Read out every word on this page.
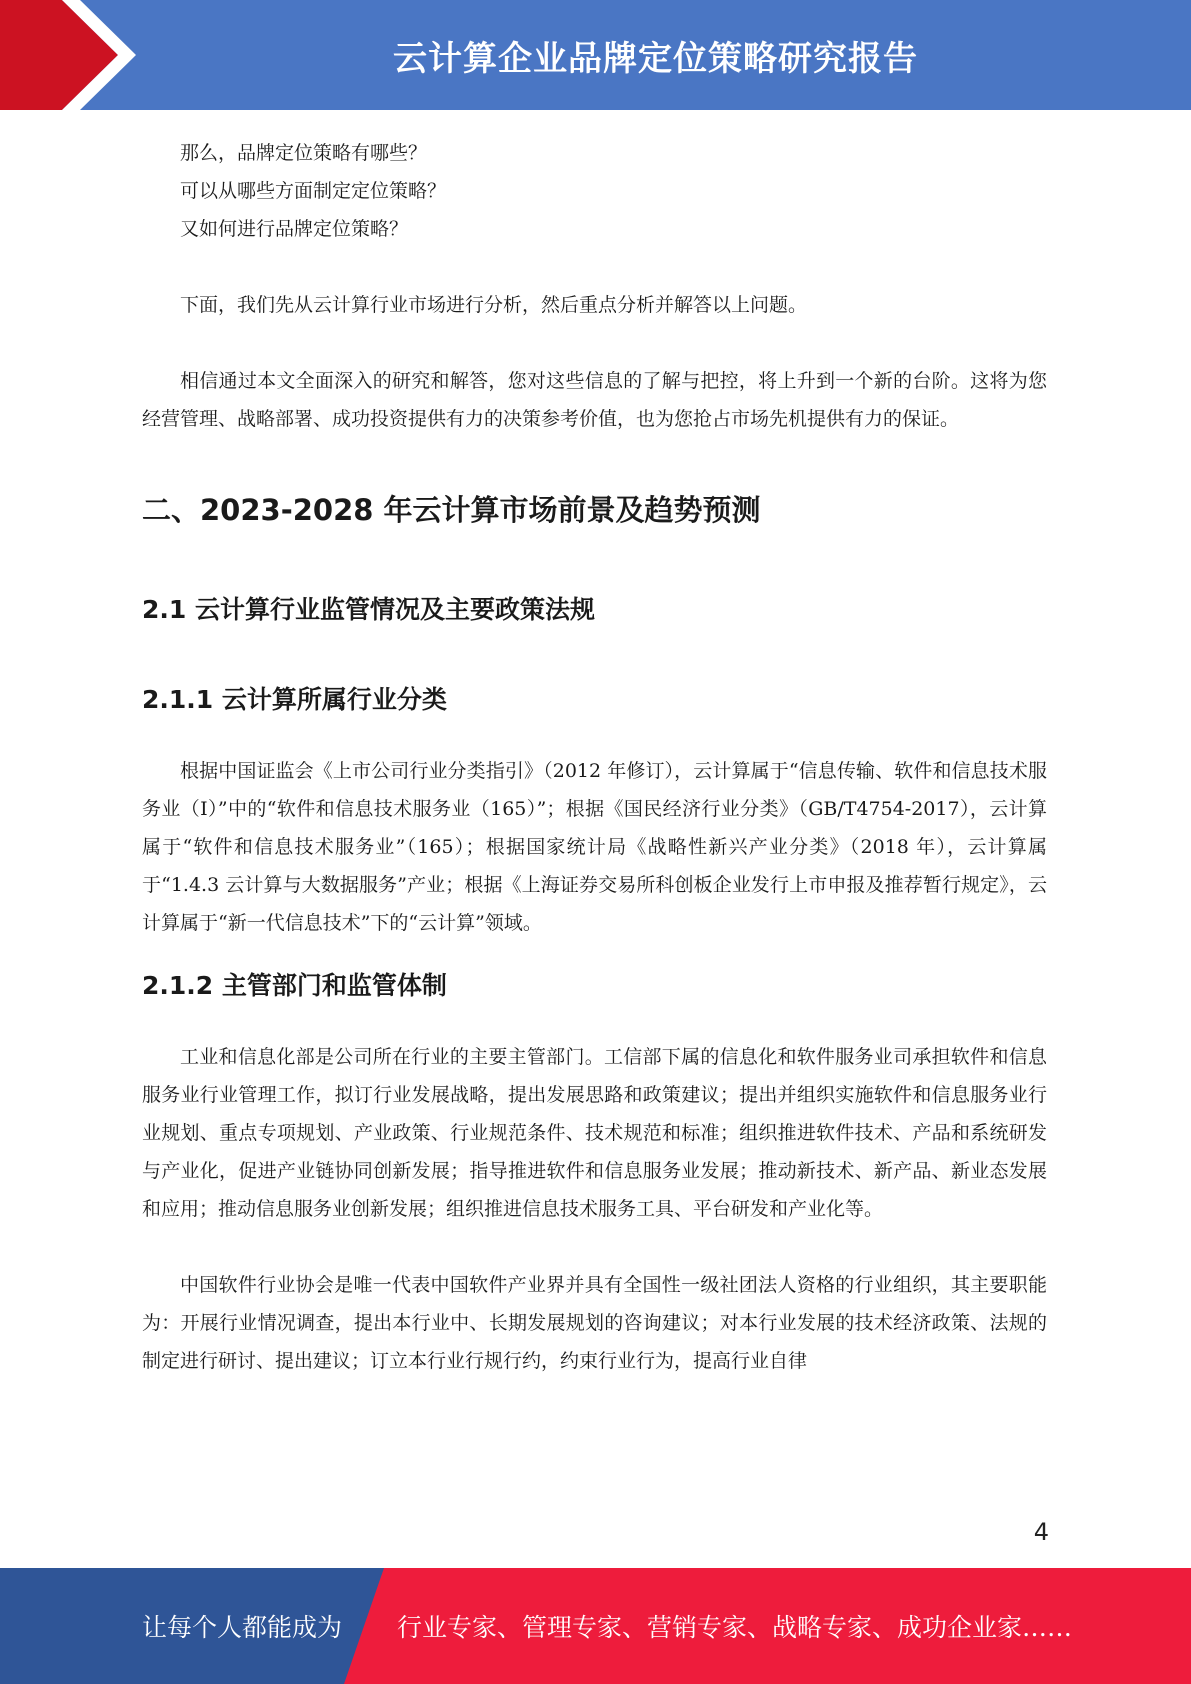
云计算企业品牌定位策略研究报告

那么，品牌定位策略有哪些？

可以从哪些方面制定定位策略？

又如何进行品牌定位策略？

下面，我们先从云计算行业市场进行分析，然后重点分析并解答以上问题。

相信通过本文全面深入的研究和解答，您对这些信息的了解与把控，将上升到一个新的台阶。这将为您经营管理、战略部署、成功投资提供有力的决策参考价值，也为您抢占市场先机提供有力的保证。

二、2023-2028 年云计算市场前景及趋势预测
2.1 云计算行业监管情况及主要政策法规
2.1.1 云计算所属行业分类

根据中国证监会《上市公司行业分类指引》（2012 年修订），云计算属于“信息传输、软件和信息技术服务业（I）”中的“软件和信息技术服务业（165）”；根据《国民经济行业分类》（GB/T4754-2017），云计算属于“软件和信息技术服务业”（165）；根据国家统计局《战略性新兴产业分类》（2018 年），云计算属于“1.4.3 云计算与大数据服务”产业；根据《上海证券交易所科创板企业发行上市申报及推荐暂行规定》，云计算属于“新一代信息技术”下的“云计算”领域。

2.1.2 主管部门和监管体制

工业和信息化部是公司所在行业的主要主管部门。工信部下属的信息化和软件服务业司承担软件和信息服务业行业管理工作，拟订行业发展战略，提出发展思路和政策建议；提出并组织实施软件和信息服务业行业规划、重点专项规划、产业政策、行业规范条件、技术规范和标准；组织推进软件技术、产品和系统研发与产业化，促进产业链协同创新发展；指导推进软件和信息服务业发展；推动新技术、新产品、新业态发展和应用；推动信息服务业创新发展；组织推进信息技术服务工具、平台研发和产业化等。

中国软件行业协会是唯一代表中国软件产业界并具有全国性一级社团法人资格的行业组织，其主要职能为：开展行业情况调查，提出本行业中、长期发展规划的咨询建议；对本行业发展的技术经济政策、法规的制定进行研讨、提出建议；订立本行业行规行约，约束行业行为，提高行业自律

4
让每个人都能成为 行业专家、管理专家、营销专家、战略专家、成功企业家……
